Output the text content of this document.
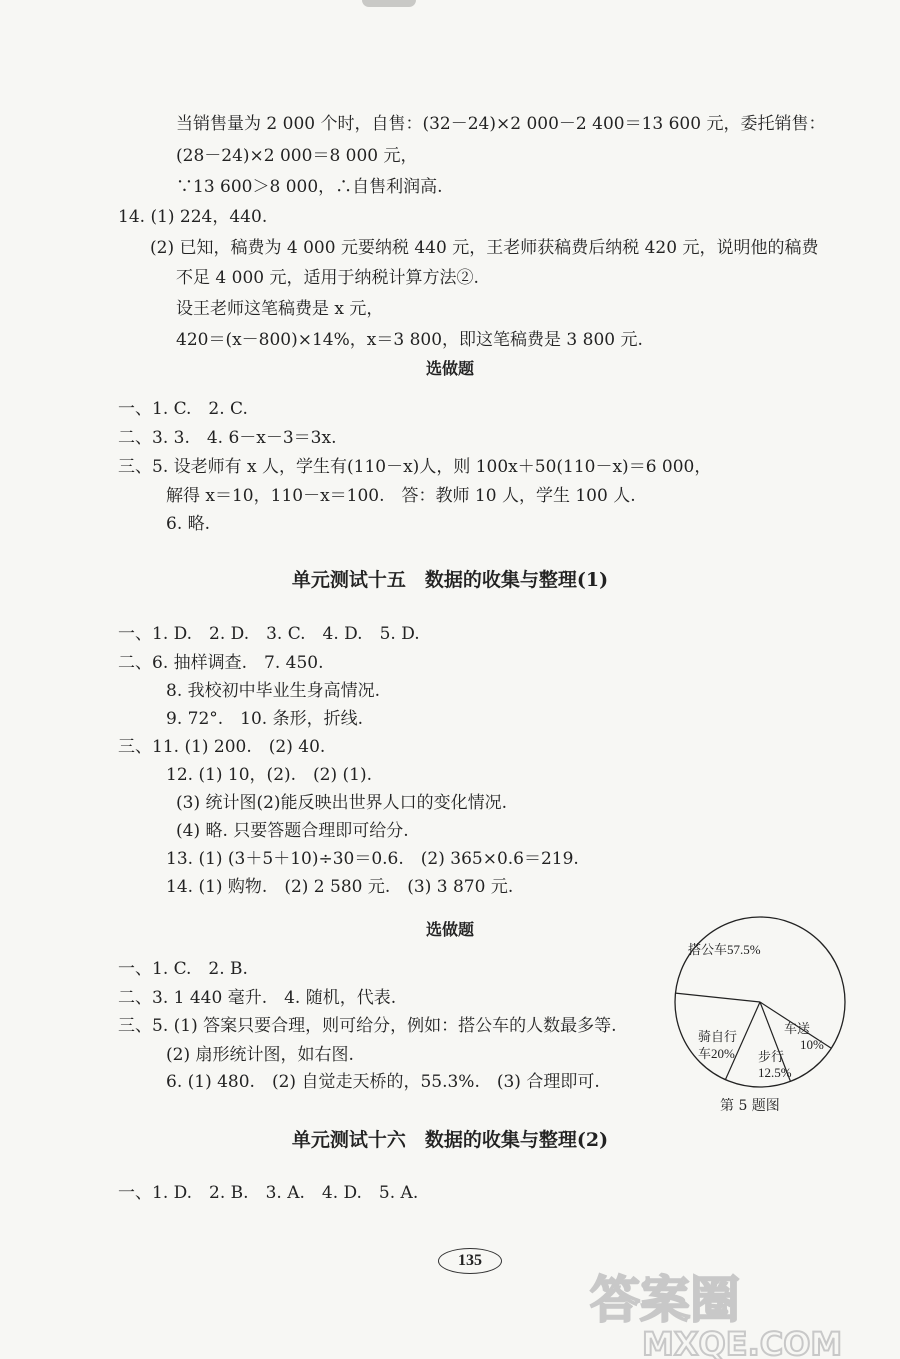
当销售量为 2 000 个时，自售：(32－24)×2 000－2 400＝13 600 元，委托销售：
(28－24)×2 000＝8 000 元，
∵13 600＞8 000，∴自售利润高.
14. (1) 224，440.
(2) 已知，稿费为 4 000 元要纳税 440 元，王老师获稿费后纳税 420 元，说明他的稿费
不足 4 000 元，适用于纳税计算方法②.
设王老师这笔稿费是 x 元，
420＝(x－800)×14%，x＝3 800，即这笔稿费是 3 800 元.
选做题
一、1. C.　2. C.
二、3. 3.　4. 6－x－3＝3x.
三、5. 设老师有 x 人，学生有(110－x)人，则 100x＋50(110－x)＝6 000，
解得 x＝10，110－x＝100.　答：教师 10 人，学生 100 人.
6. 略.
单元测试十五　数据的收集与整理(1)
一、1. D.　2. D.　3. C.　4. D.　5. D.
二、6. 抽样调查.　7. 450.
8. 我校初中毕业生身高情况.
9. 72°.　10. 条形，折线.
三、11. (1) 200.　(2) 40.
12. (1) 10，(2).　(2) (1).
(3) 统计图(2)能反映出世界人口的变化情况.
(4) 略. 只要答题合理即可给分.
13. (1) (3＋5＋10)÷30＝0.6.　(2) 365×0.6＝219.
14. (1) 购物.　(2) 2 580 元.　(3) 3 870 元.
选做题
一、1. C.　2. B.
二、3. 1 440 毫升.　4. 随机，代表.
三、5. (1) 答案只要合理，则可给分，例如：搭公车的人数最多等.
(2) 扇形统计图，如右图.
6. (1) 480.　(2) 自觉走天桥的，55.3%.　(3) 合理即可.
搭公车57.5%
车送
10%
步行
12.5%
骑自行
车20%
第 5 题图
单元测试十六　数据的收集与整理(2)
一、1. D.　2. B.　3. A.　4. D.　5. A.
135
答案圈
MXQE.COM
